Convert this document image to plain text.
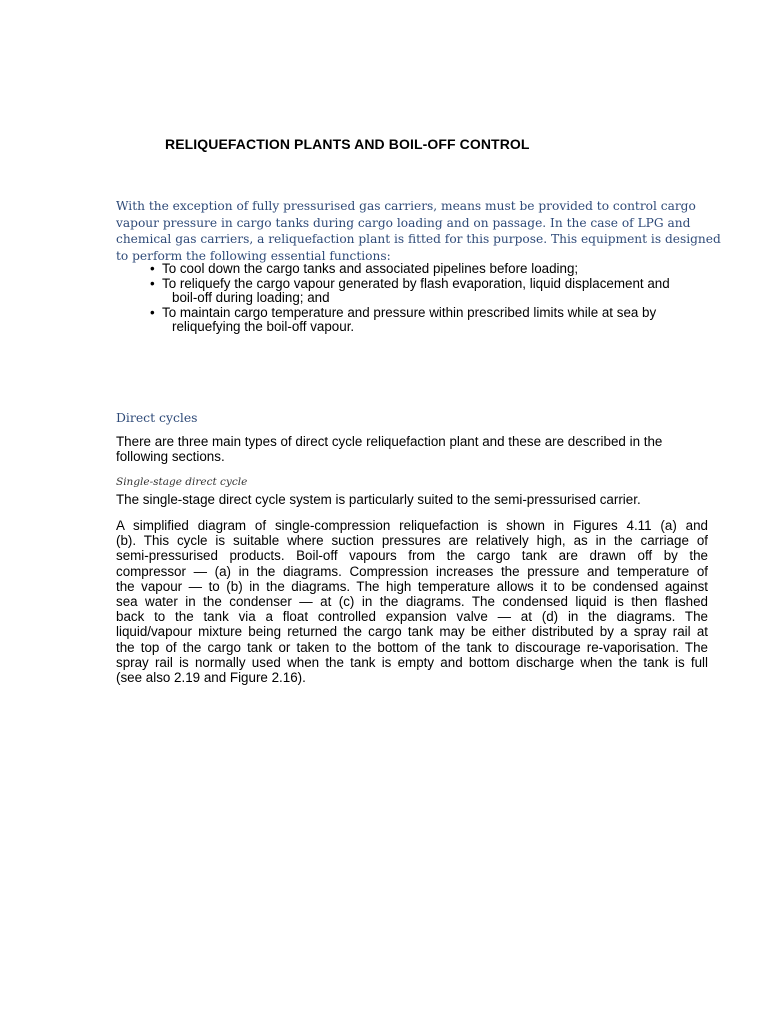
RELIQUEFACTION PLANTS AND BOIL-OFF CONTROL
With the exception of fully pressurised gas carriers, means must be provided to control cargo
vapour pressure in cargo tanks during cargo loading and on passage. In the case of LPG and
chemical gas carriers, a reliquefaction plant is fitted for this purpose. This equipment is designed
to perform the following essential functions:
• To cool down the cargo tanks and associated pipelines before loading;
• To reliquefy the cargo vapour generated by flash evaporation, liquid displacement and
boil-off during loading; and
• To maintain cargo temperature and pressure within prescribed limits while at sea by
reliquefying the boil-off vapour.
Direct cycles
There are three main types of direct cycle reliquefaction plant and these are described in the
following sections.
Single-stage direct cycle
The single-stage direct cycle system is particularly suited to the semi-pressurised carrier.
A simplified diagram of single-compression reliquefaction is shown in Figures 4.11 (a) and
(b). This cycle is suitable where suction pressures are relatively high, as in the carriage of
semi-pressurised products. Boil-off vapours from the cargo tank are drawn off by the
compressor — (a) in the diagrams. Compression increases the pressure and temperature of
the vapour — to (b) in the diagrams. The high temperature allows it to be condensed against
sea water in the condenser — at (c) in the diagrams. The condensed liquid is then flashed
back to the tank via a float controlled expansion valve — at (d) in the diagrams. The
liquid/vapour mixture being returned the cargo tank may be either distributed by a spray rail at
the top of the cargo tank or taken to the bottom of the tank to discourage re-vaporisation. The
spray rail is normally used when the tank is empty and bottom discharge when the tank is full
(see also 2.19 and Figure 2.16).
